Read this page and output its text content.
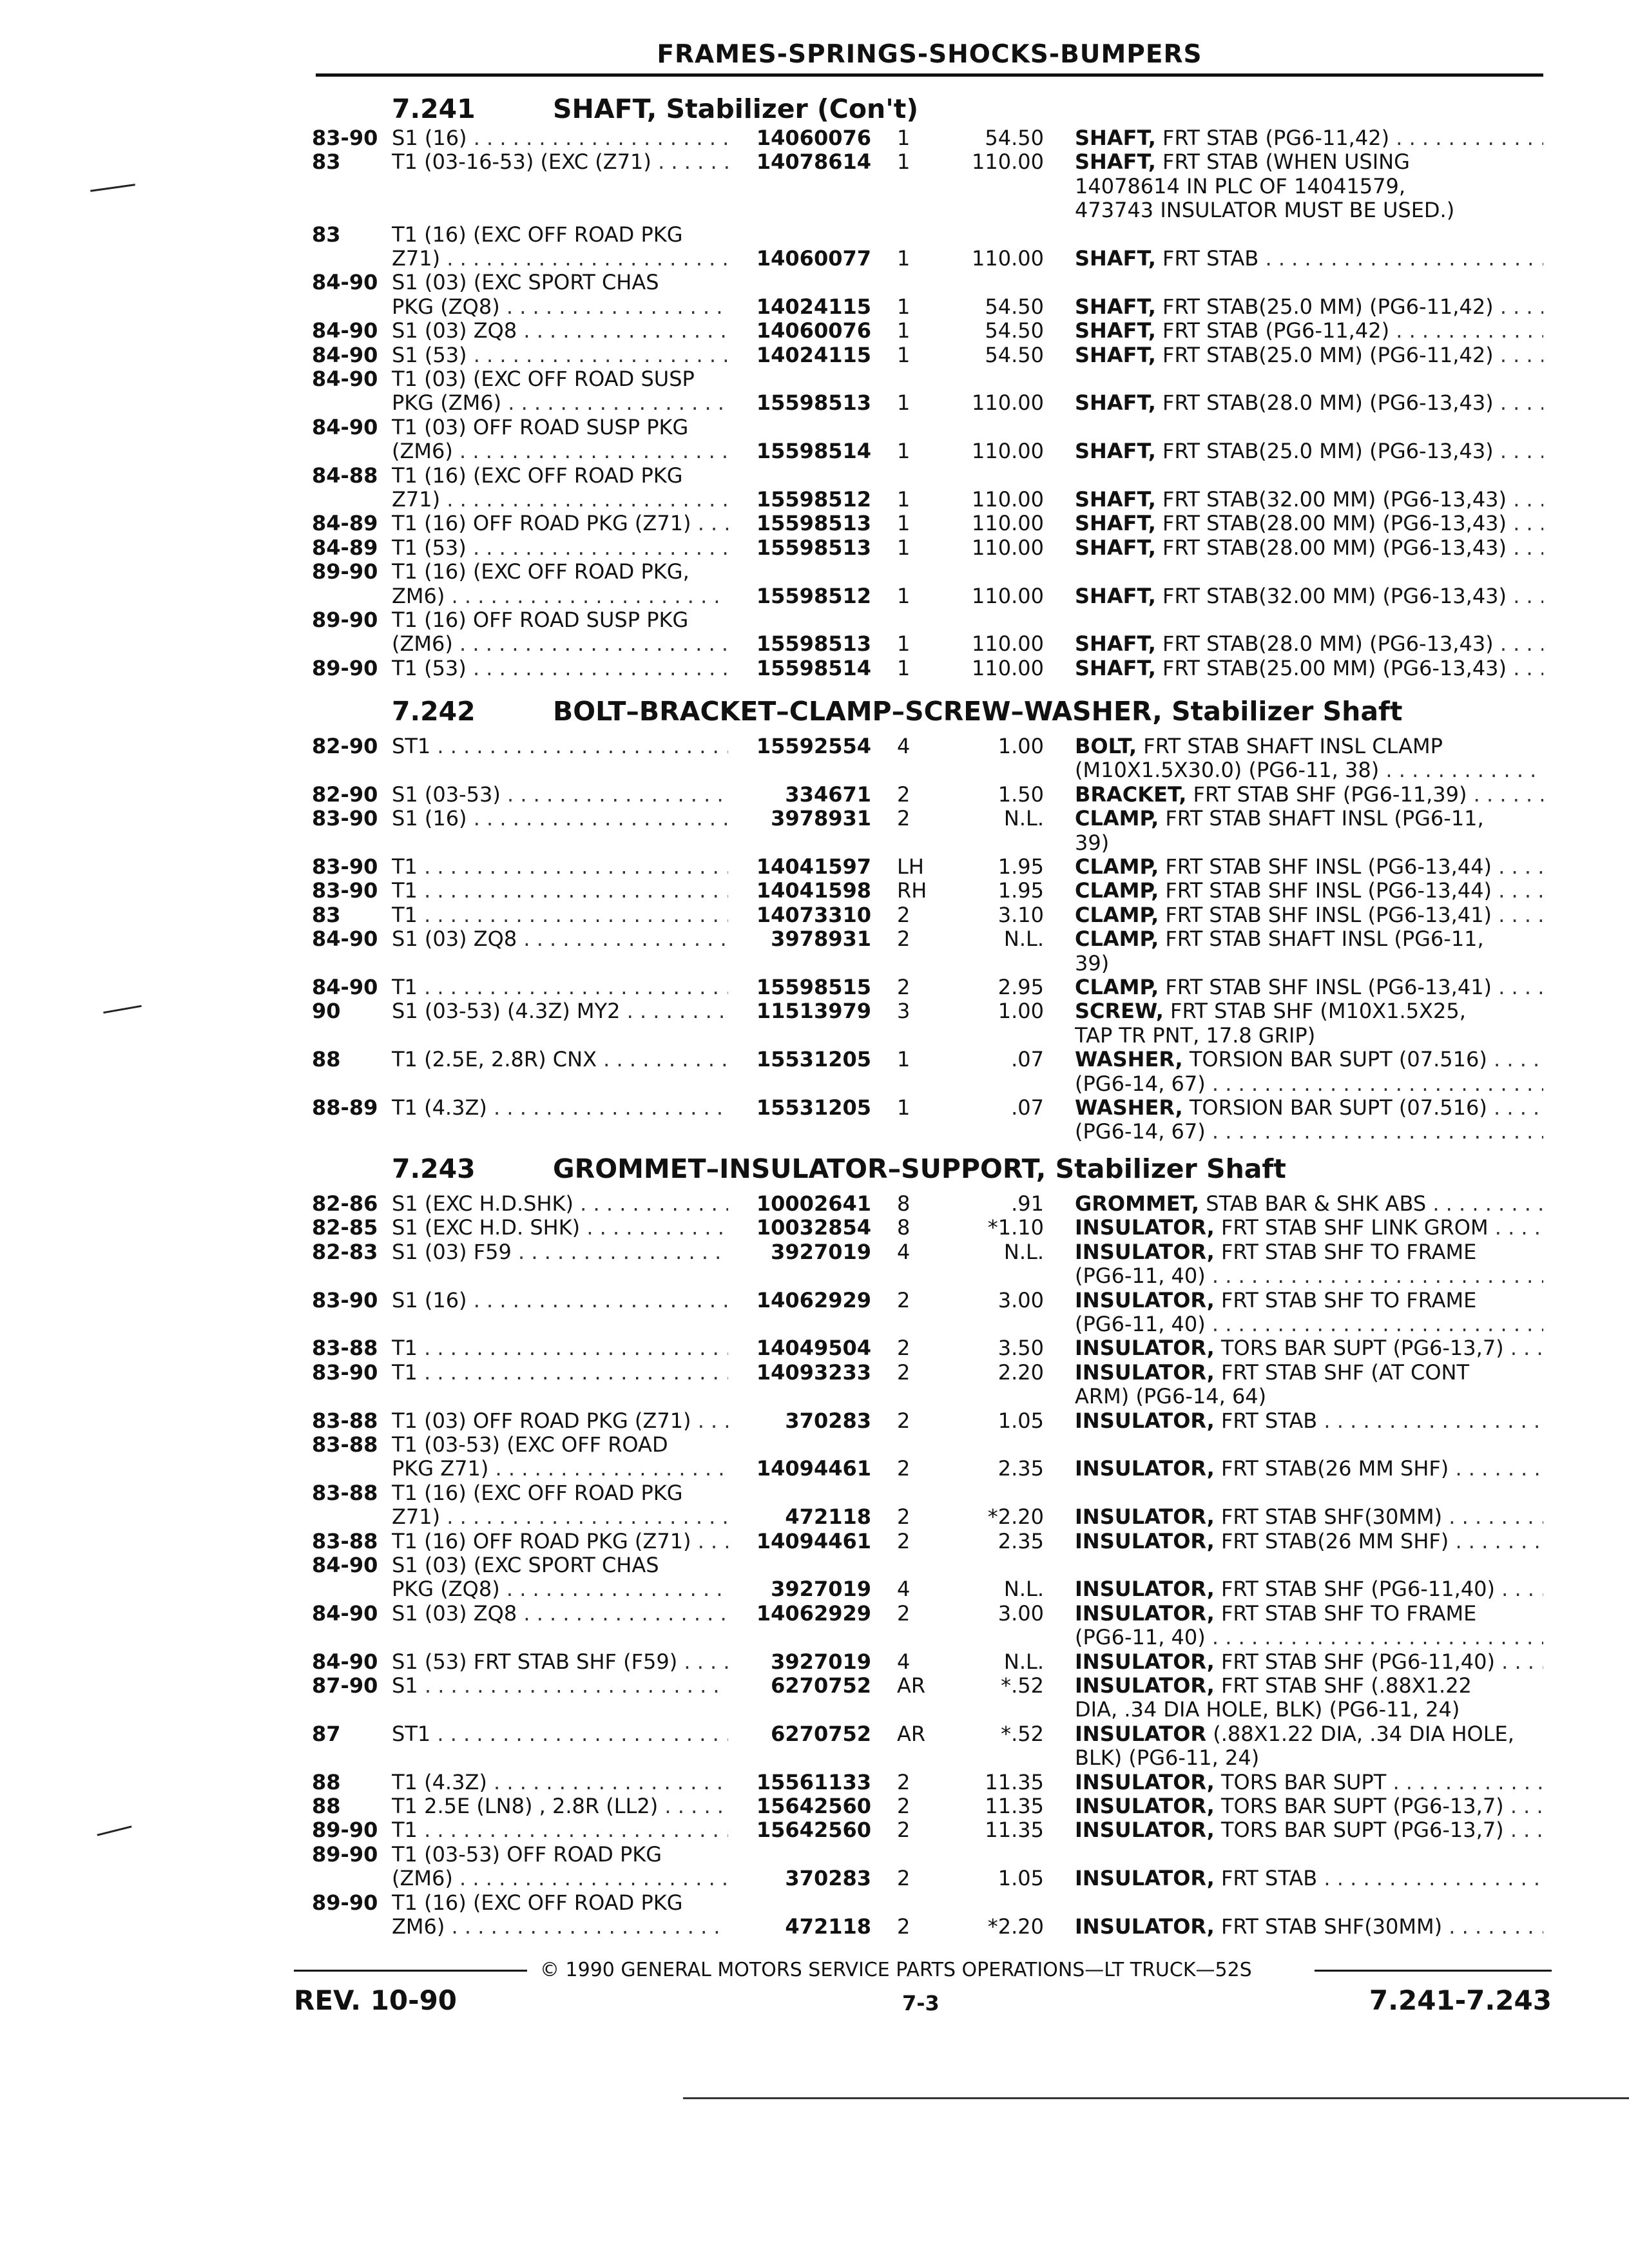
FRAMES-SPRINGS-SHOCKS-BUMPERS
7.241	SHAFT, Stabilizer (Con't)
7.242	BOLT–BRACKET–CLAMP–SCREW–WASHER, Stabilizer Shaft
7.243	GROMMET–INSULATOR–SUPPORT, Stabilizer Shaft
83-90 S1 (16) . . .	14060076 1	54.50 SHAFT, FRT STAB (PG6-11,42) . . .
83 T1 (03-16-53) (EXC (Z71) . . .	14078614 1	110.00 SHAFT, FRT STAB (WHEN USING
14078614 IN PLC OF 14041579,
473743 INSULATOR MUST BE USED.)
83 T1 (16) (EXC OFF ROAD PKG
Z71) . . .	14060077 1	110.00 SHAFT, FRT STAB . . .
84-90 S1 (03) (EXC SPORT CHAS
PKG (ZQ8) . . .	14024115 1	54.50 SHAFT, FRT STAB(25.0 MM) (PG6-11,42) . . .
84-90 S1 (03) ZQ8 . . .	14060076 1	54.50 SHAFT, FRT STAB (PG6-11,42) . . .
84-90 S1 (53) . . .	14024115 1	54.50 SHAFT, FRT STAB(25.0 MM) (PG6-11,42) . . .
84-90 T1 (03) (EXC OFF ROAD SUSP
PKG (ZM6) . . .	15598513 1	110.00 SHAFT, FRT STAB(28.0 MM) (PG6-13,43) . . .
84-90 T1 (03) OFF ROAD SUSP PKG
(ZM6) . . .	15598514 1	110.00 SHAFT, FRT STAB(25.0 MM) (PG6-13,43) . . .
84-88 T1 (16) (EXC OFF ROAD PKG
Z71) . . .	15598512 1	110.00 SHAFT, FRT STAB(32.00 MM) (PG6-13,43) . . .
84-89 T1 (16) OFF ROAD PKG (Z71) . . .	15598513 1	110.00 SHAFT, FRT STAB(28.00 MM) (PG6-13,43) . . .
84-89 T1 (53) . . .	15598513 1	110.00 SHAFT, FRT STAB(28.00 MM) (PG6-13,43) . . .
89-90 T1 (16) (EXC OFF ROAD PKG,
ZM6) . . .	15598512 1	110.00 SHAFT, FRT STAB(32.00 MM) (PG6-13,43) . . .
89-90 T1 (16) OFF ROAD SUSP PKG
(ZM6) . . .	15598513 1	110.00 SHAFT, FRT STAB(28.0 MM) (PG6-13,43) . . .
89-90 T1 (53) . . .	15598514 1	110.00 SHAFT, FRT STAB(25.00 MM) (PG6-13,43) . . .
82-90 ST1 . . .	15592554 4	1.00 BOLT, FRT STAB SHAFT INSL CLAMP
(M10X1.5X30.0) (PG6-11, 38) . . .
82-90 S1 (03-53) . . .	334671 2	1.50 BRACKET, FRT STAB SHF (PG6-11,39) . . .
83-90 S1 (16) . . .	3978931 2	N.L. CLAMP, FRT STAB SHAFT INSL (PG6-11,
39)
83-90 T1 . . .	14041597 LH	1.95 CLAMP, FRT STAB SHF INSL (PG6-13,44) . . .
83-90 T1 . . .	14041598 RH	1.95 CLAMP, FRT STAB SHF INSL (PG6-13,44) . . .
83 T1 . . .	14073310 2	3.10 CLAMP, FRT STAB SHF INSL (PG6-13,41) . . .
84-90 S1 (03) ZQ8 . . .	3978931 2	N.L. CLAMP, FRT STAB SHAFT INSL (PG6-11,
39)
84-90 T1 . . .	15598515 2	2.95 CLAMP, FRT STAB SHF INSL (PG6-13,41) . . .
90 S1 (03-53) (4.3Z) MY2 . . .	11513979 3	1.00 SCREW, FRT STAB SHF (M10X1.5X25,
TAP TR PNT, 17.8 GRIP)
88 T1 (2.5E, 2.8R) CNX . . .	15531205 1	.07 WASHER, TORSION BAR SUPT (07.516) . . .
(PG6-14, 67) . . .
88-89 T1 (4.3Z) . . .	15531205 1	.07 WASHER, TORSION BAR SUPT (07.516) . . .
(PG6-14, 67) . . .
82-86 S1 (EXC H.D.SHK) . . .	10002641 8	.91 GROMMET, STAB BAR & SHK ABS . . .
82-85 S1 (EXC H.D. SHK) . . .	10032854 8	*1.10 INSULATOR, FRT STAB SHF LINK GROM . . .
82-83 S1 (03) F59 . . .	3927019 4	N.L. INSULATOR, FRT STAB SHF TO FRAME
(PG6-11, 40) . . .
83-90 S1 (16) . . .	14062929 2	3.00 INSULATOR, FRT STAB SHF TO FRAME
(PG6-11, 40) . . .
83-88 T1 . . .	14049504 2	3.50 INSULATOR, TORS BAR SUPT (PG6-13,7) . . .
83-90 T1 . . .	14093233 2	2.20 INSULATOR, FRT STAB SHF (AT CONT
ARM) (PG6-14, 64)
83-88 T1 (03) OFF ROAD PKG (Z71) . . .	370283 2	1.05 INSULATOR, FRT STAB . . .
83-88 T1 (03-53) (EXC OFF ROAD
PKG Z71) . . .	14094461 2	2.35 INSULATOR, FRT STAB(26 MM SHF) . . .
83-88 T1 (16) (EXC OFF ROAD PKG
Z71) . . .	472118 2	*2.20 INSULATOR, FRT STAB SHF(30MM) . . .
83-88 T1 (16) OFF ROAD PKG (Z71) . . .	14094461 2	2.35 INSULATOR, FRT STAB(26 MM SHF) . . .
84-90 S1 (03) (EXC SPORT CHAS
PKG (ZQ8) . . .	3927019 4	N.L. INSULATOR, FRT STAB SHF (PG6-11,40) . . .
84-90 S1 (03) ZQ8 . . .	14062929 2	3.00 INSULATOR, FRT STAB SHF TO FRAME
(PG6-11, 40) . . .
84-90 S1 (53) FRT STAB SHF (F59) . . .	3927019 4	N.L. INSULATOR, FRT STAB SHF (PG6-11,40) . . .
87-90 S1 . . .	6270752 AR	*.52 INSULATOR, FRT STAB SHF (.88X1.22
DIA, .34 DIA HOLE, BLK) (PG6-11, 24)
87 ST1 . . .	6270752 AR	*.52 INSULATOR (.88X1.22 DIA, .34 DIA HOLE,
BLK) (PG6-11, 24)
88 T1 (4.3Z) . . .	15561133 2	11.35 INSULATOR, TORS BAR SUPT . . .
88 T1 2.5E (LN8) , 2.8R (LL2) . . .	15642560 2	11.35 INSULATOR, TORS BAR SUPT (PG6-13,7) . . .
89-90 T1 . . .	15642560 2	11.35 INSULATOR, TORS BAR SUPT (PG6-13,7) . . .
89-90 T1 (03-53) OFF ROAD PKG
(ZM6) . . .	370283 2	1.05 INSULATOR, FRT STAB . . .
89-90 T1 (16) (EXC OFF ROAD PKG
ZM6) . . .	472118 2	*2.20 INSULATOR, FRT STAB SHF(30MM) . . .
© 1990 GENERAL MOTORS SERVICE PARTS OPERATIONS—LT TRUCK—52S
REV. 10-90	7-3	7.241-7.243
